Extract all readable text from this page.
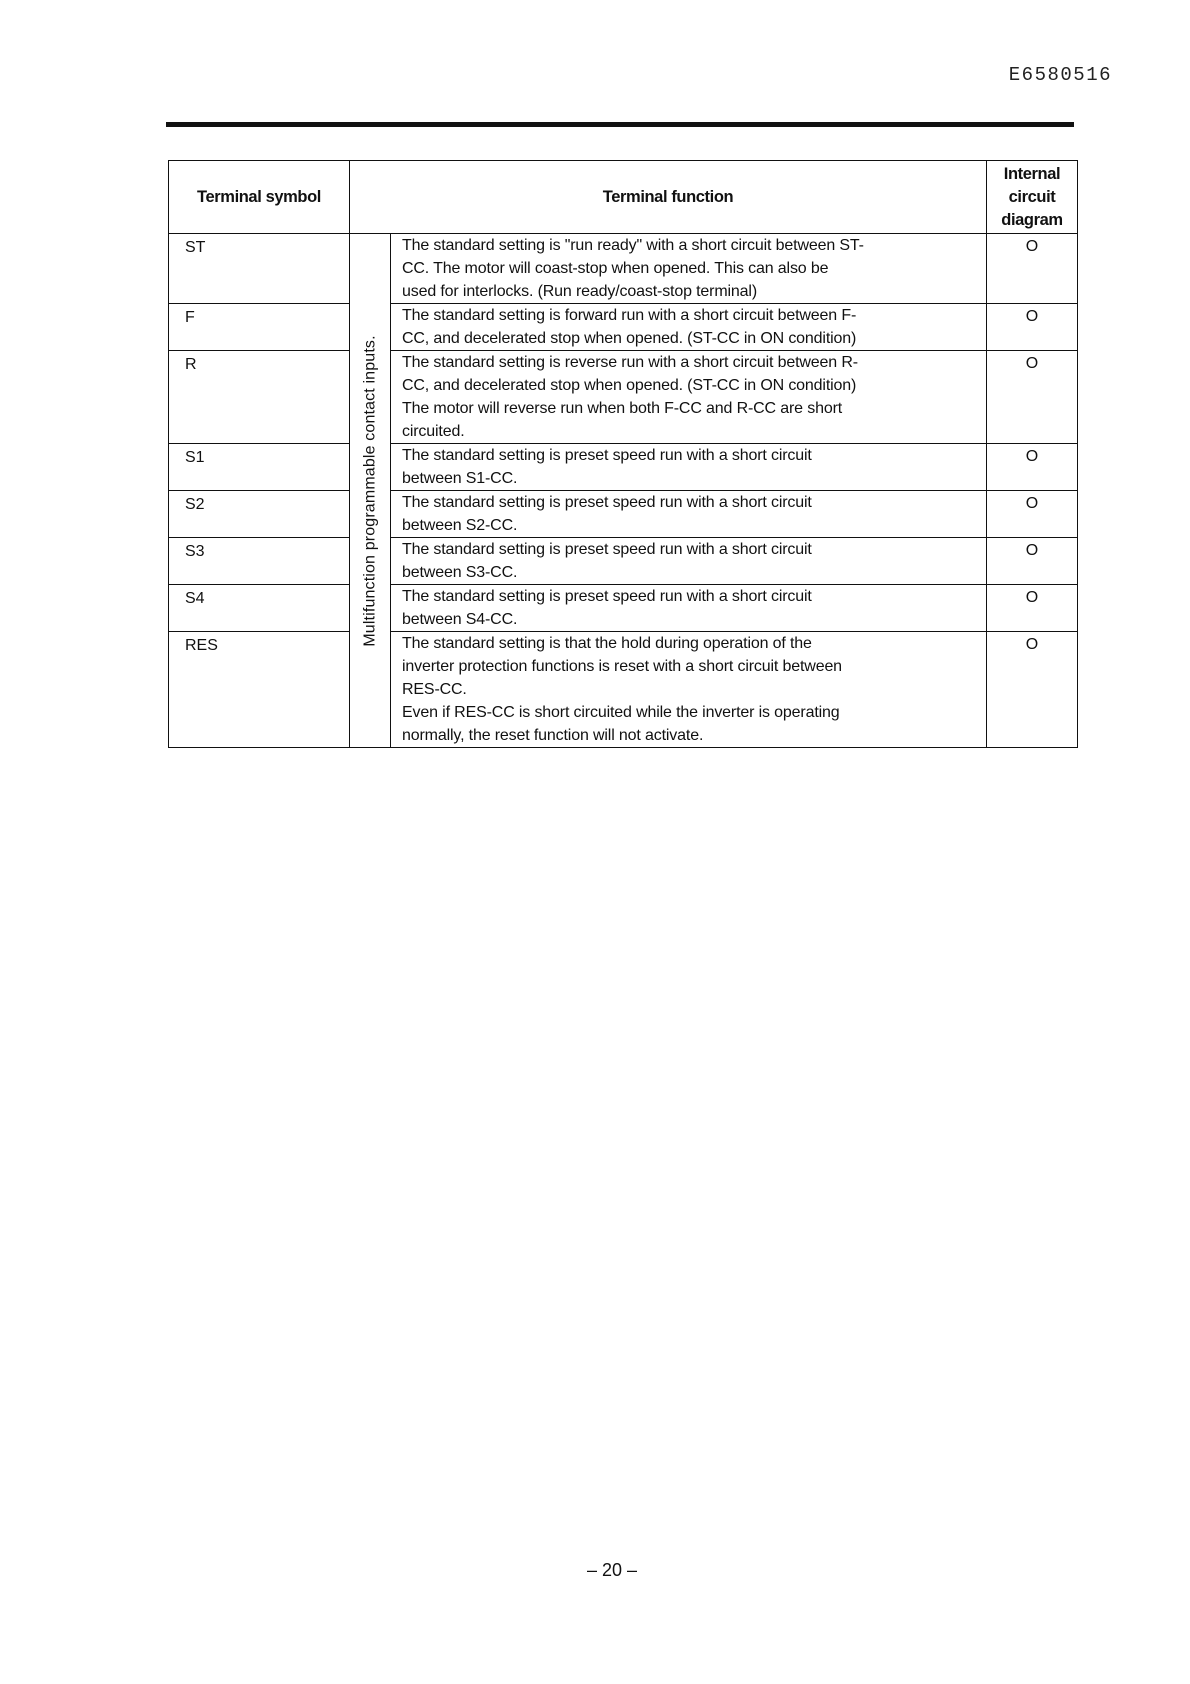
E6580516
Terminal symbol	Terminal function		Internal
circuit
diagram
ST	Multifunction programmable contact inputs.	The standard setting is "run ready" with a short circuit between ST-
CC. The motor will coast-stop when opened. This can also be
used for interlocks. (Run ready/coast-stop terminal)	O
F		The standard setting is forward run with a short circuit between F-
CC, and decelerated stop when opened. (ST-CC in ON condition)	O
R		The standard setting is reverse run with a short circuit between R-
CC, and decelerated stop when opened. (ST-CC in ON condition)
The motor will reverse run when both F-CC and R-CC are short
circuited.	O
S1		The standard setting is preset speed run with a short circuit
between S1-CC.	O
S2		The standard setting is preset speed run with a short circuit
between S2-CC.	O
S3		The standard setting is preset speed run with a short circuit
between S3-CC.	O
S4		The standard setting is preset speed run with a short circuit
between S4-CC.	O
RES		The standard setting is that the hold during operation of the
inverter protection functions is reset with a short circuit between
RES-CC.
Even if RES-CC is short circuited while the inverter is operating
normally, the reset function will not activate.	O
– 20 –
